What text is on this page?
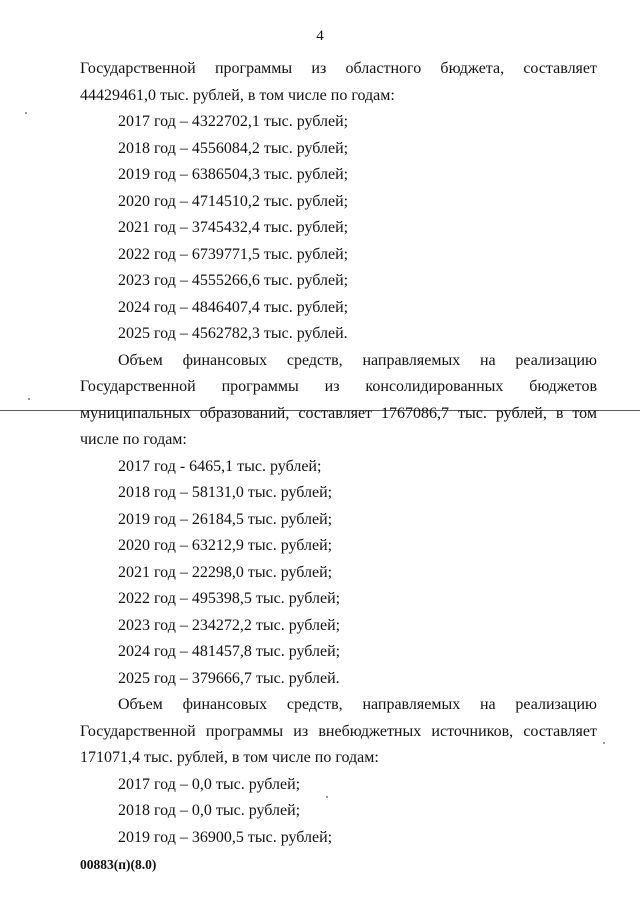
4

Государственной программы из областного бюджета, составляет 44429461,0 тыс. рублей, в том числе по годам:

2017 год – 4322702,1 тыс. рублей;

2018 год – 4556084,2 тыс. рублей;

2019 год – 6386504,3 тыс. рублей;

2020 год – 4714510,2 тыс. рублей;

2021 год – 3745432,4 тыс. рублей;

2022 год – 6739771,5 тыс. рублей;

2023 год – 4555266,6 тыс. рублей;

2024 год – 4846407,4 тыс. рублей;

2025 год – 4562782,3 тыс. рублей.

Объем финансовых средств, направляемых на реализацию Государственной программы из консолидированных бюджетов муниципальных образований, составляет 1767086,7 тыс. рублей, в том числе по годам:

2017 год - 6465,1 тыс. рублей;

2018 год – 58131,0 тыс. рублей;

2019 год – 26184,5 тыс. рублей;

2020 год – 63212,9 тыс. рублей;

2021 год – 22298,0 тыс. рублей;

2022 год – 495398,5 тыс. рублей;

2023 год – 234272,2 тыс. рублей;

2024 год – 481457,8 тыс. рублей;

2025 год – 379666,7 тыс. рублей.

Объем финансовых средств, направляемых на реализацию Государственной программы из внебюджетных источников, составляет 171071,4 тыс. рублей, в том числе по годам:

2017 год – 0,0 тыс. рублей;

2018 год – 0,0 тыс. рублей;

2019 год – 36900,5 тыс. рублей;

00883(п)(8.0)
